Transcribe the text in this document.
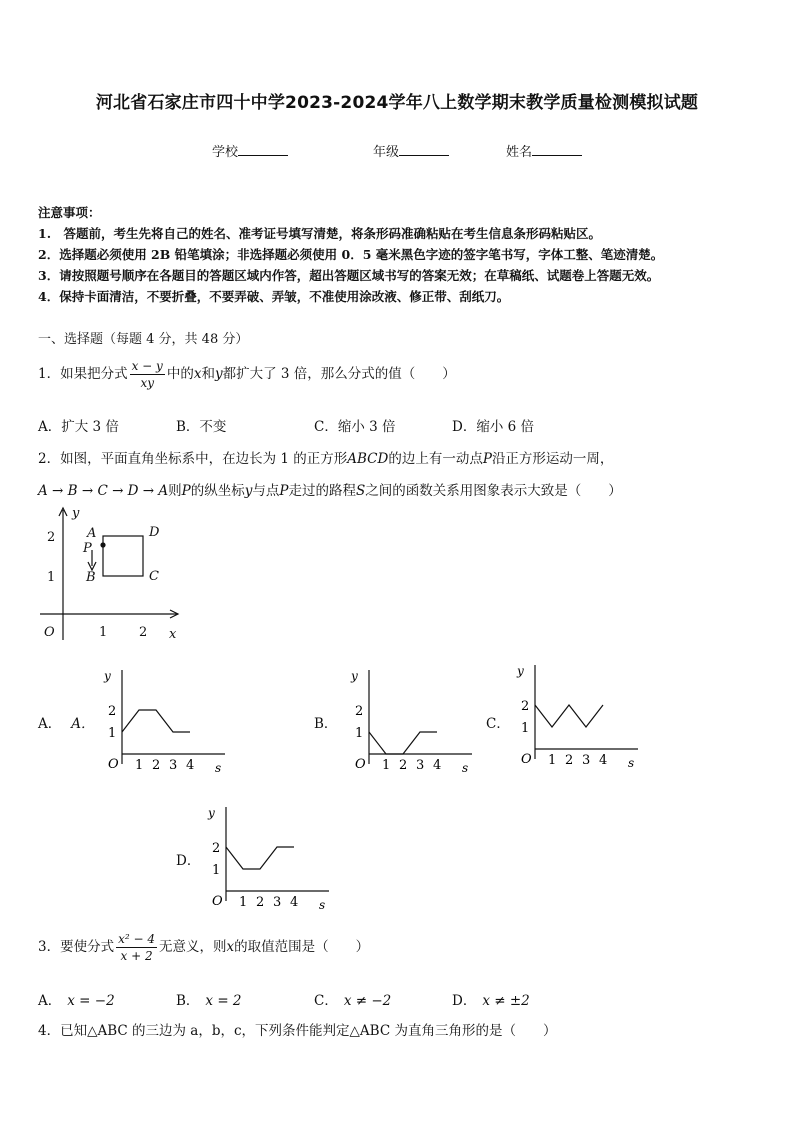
河北省石家庄市四十中学2023-2024学年八上数学期末教学质量检测模拟试题
学校	年级	姓名
注意事项：
1.　答题前，考生先将自己的姓名、准考证号填写清楚，将条形码准确粘贴在考生信息条形码粘贴区。
2．选择题必须使用 2B 铅笔填涂；非选择题必须使用 0．5 毫米黑色字迹的签字笔书写，字体工整、笔迹清楚。
3．请按照题号顺序在各题目的答题区域内作答，超出答题区域书写的答案无效；在草稿纸、试题卷上答题无效。
4．保持卡面清洁，不要折叠，不要弄破、弄皱，不准使用涂改液、修正带、刮纸刀。
一、选择题（每题 4 分，共 48 分）
1．如果把分式 $\frac{x - y}{xy}$ 中的x和y都扩大了 3 倍，那么分式的值（　　）
A．扩大 3 倍	B．不变	C．缩小 3 倍	D．缩小 6 倍
2．如图，平面直角坐标系中，在边长为 1 的正方形ABCD的边上有一动点P沿正方形运动一周，
A → B → C → D → A则P的纵坐标y与点P走过的路程S之间的函数关系用图象表示大致是（　　）
y
x
O
A	D
P
B	C
1 2
1
2
A． A．	B．	C．
D．
y
s
O 1 2 3 4
1
2
y
s
O 1 2 3 4
1
2
y
s
O 1 2 3 4
1
2
y
s
O 1 2 3 4
1
2
3．要使分式 $\frac{\text{x² − 4}}{x + 2}$ 无意义，则x的取值范围是（　　）
A． x = −2	B． x = 2	C． x ≠ −2	D． x ≠ ±2
4．已知△ABC 的三边为 a，b，c，下列条件能判定△ABC 为直角三角形的是（　　）
